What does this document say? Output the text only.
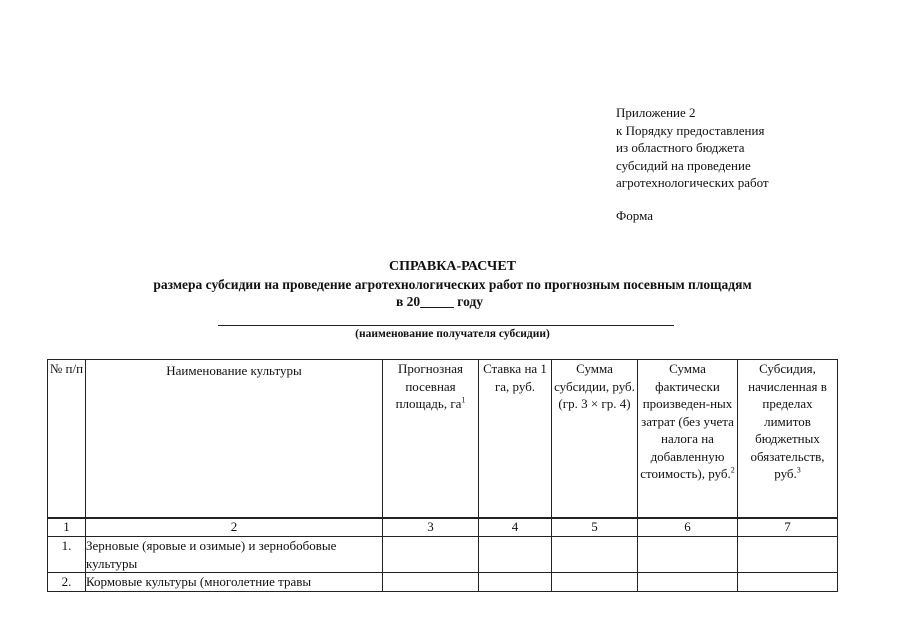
Приложение 2
к Порядку предоставления
из областного бюджета
субсидий на проведение
агротехнологических работ
Форма
СПРАВКА-РАСЧЕТ
размера субсидии на проведение агротехнологических работ по прогнозным посевным площадям
в 20_____ году
(наименование получателя субсидии)
№ п/п	Наименование культуры	Прогнозная посевная площадь, $га^1$	Ставка на 1 га, руб.	Сумма субсидии, руб. (гр. 3 × гр. 4)	Сумма фактически произведен-ных затрат (без учета налога на добавленную стоимость), руб.$^2$	Субсидия, начисленная в пределах лимитов бюджетных обязательств, руб.$^3$
1	2	3	4	5	6	7
1.	Зерновые (яровые и озимые) и зернобобовые культуры					
2.	Кормовые культуры (многолетние травы					
